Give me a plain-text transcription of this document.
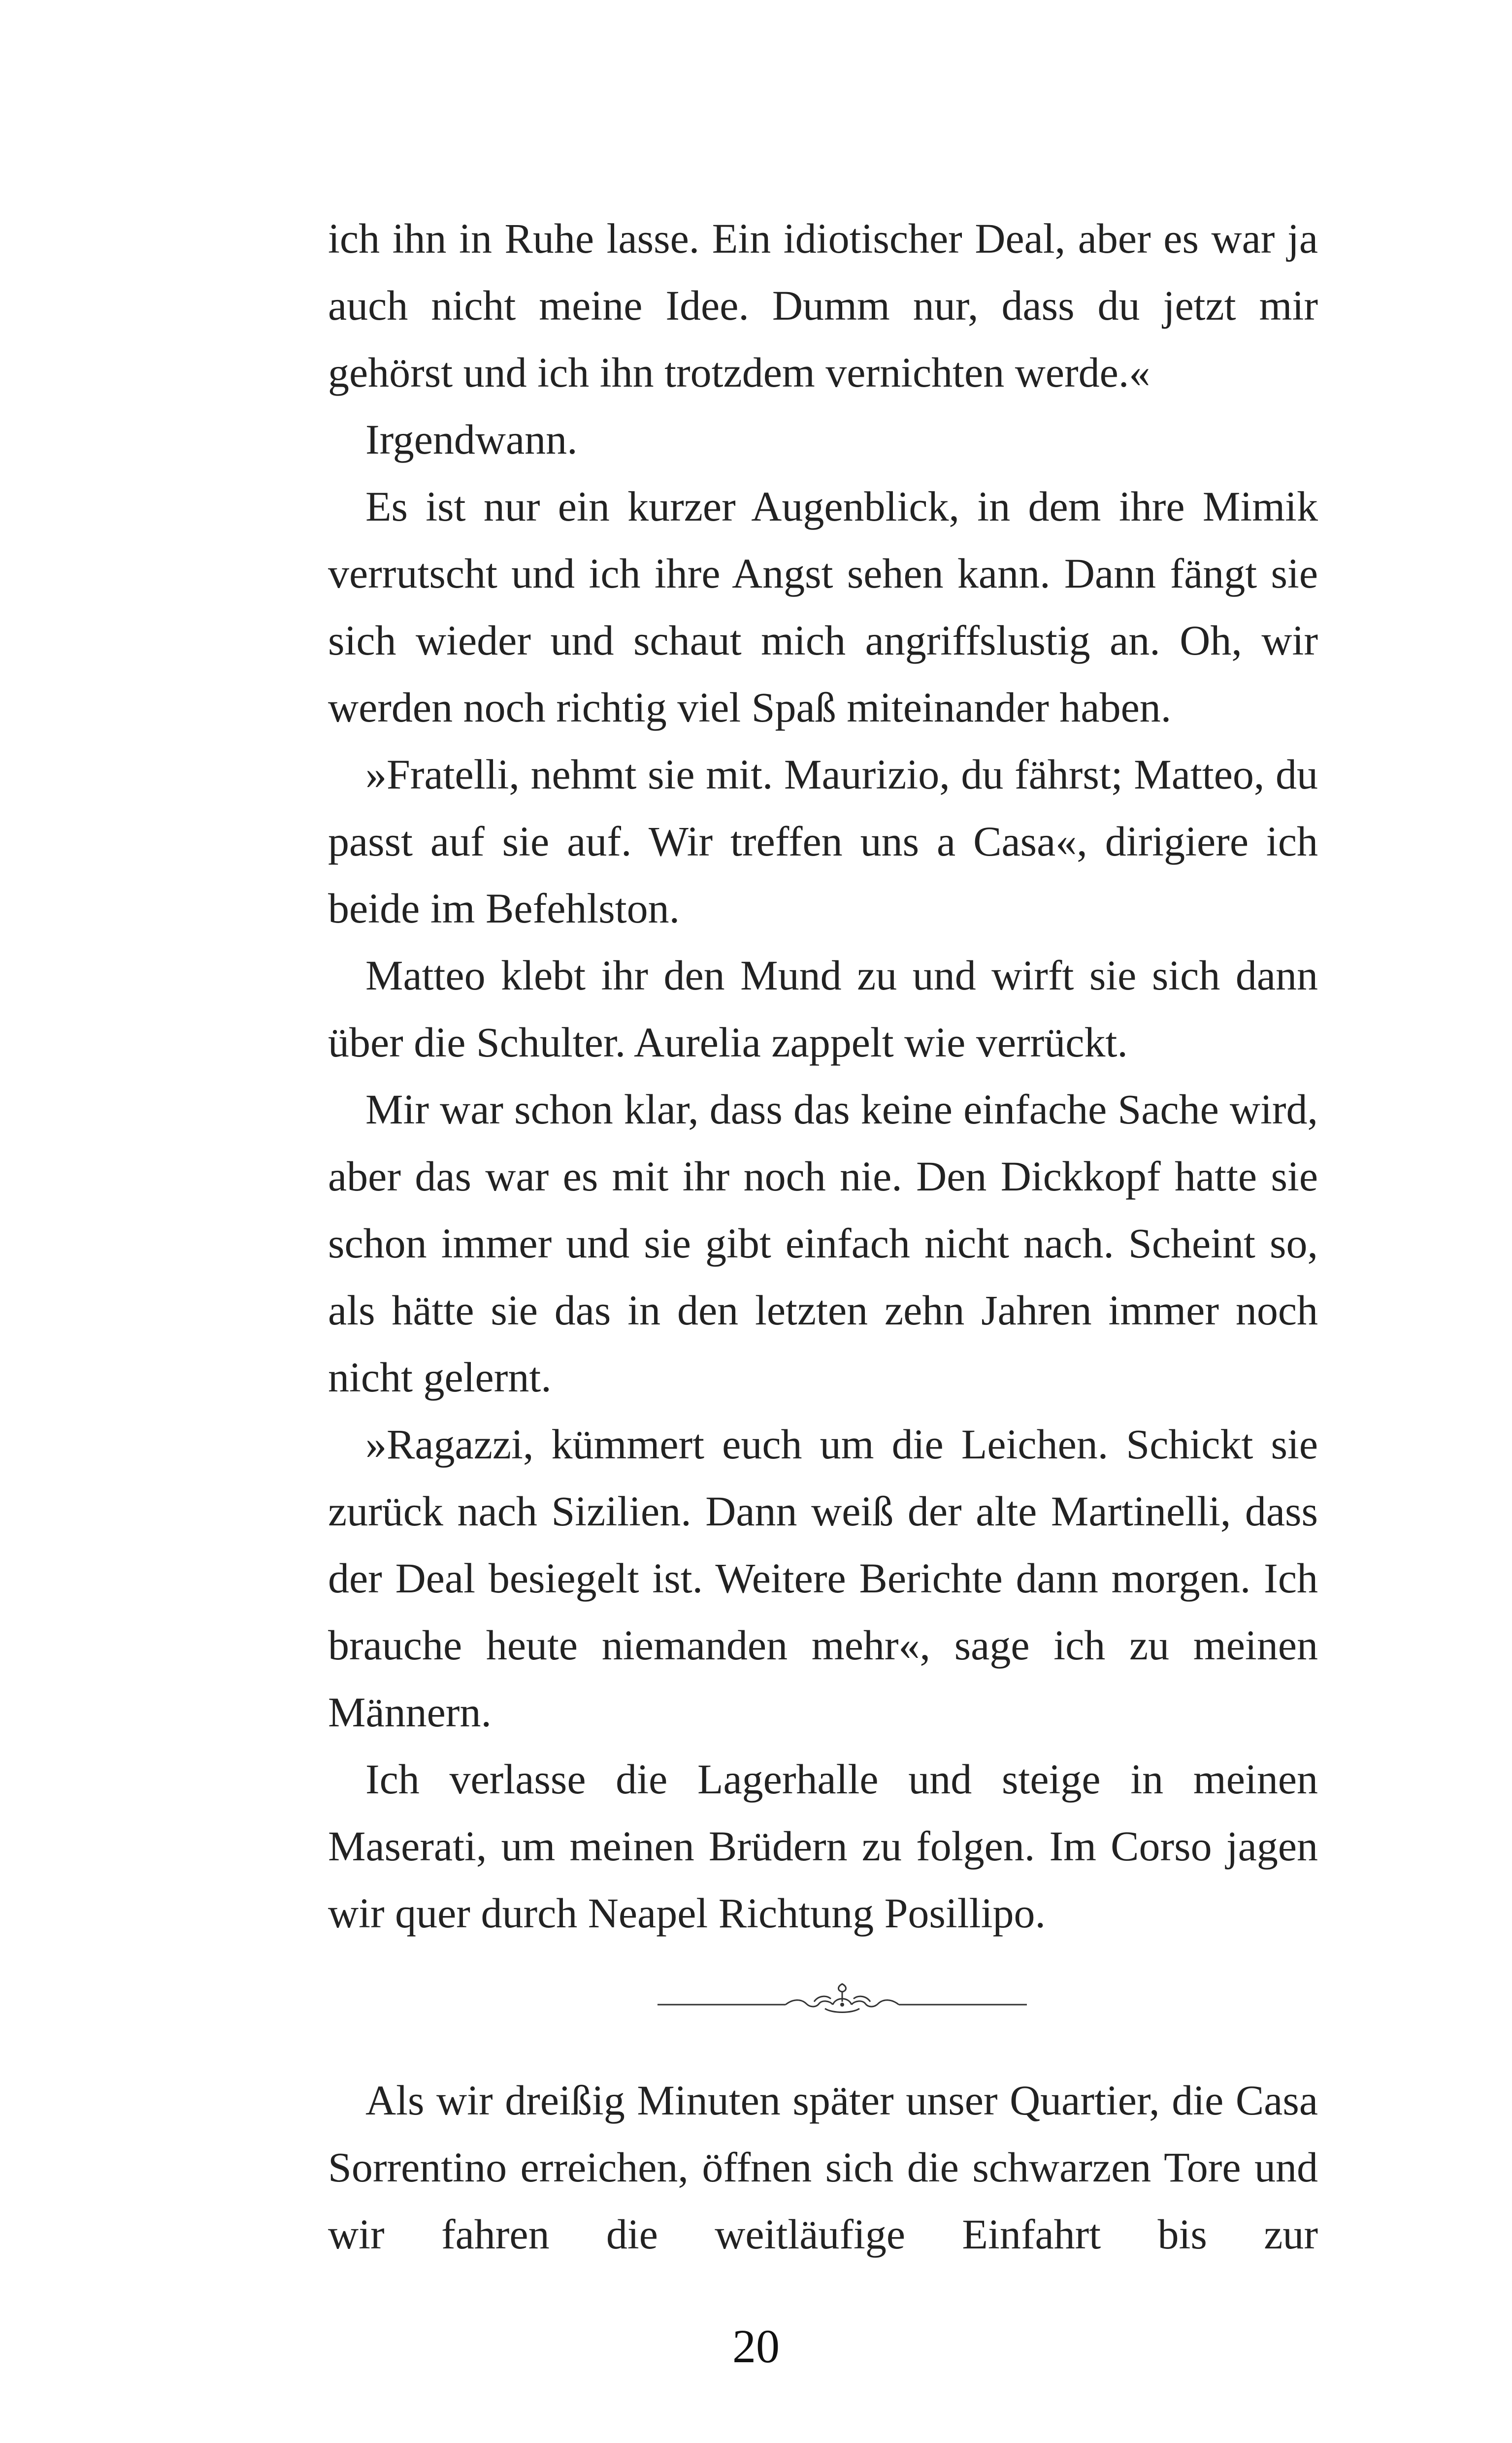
ich ihn in Ruhe lasse. Ein idiotischer Deal, aber es war ja auch nicht meine Idee. Dumm nur, dass du jetzt mir gehörst und ich ihn trotzdem vernichten werde.«

Irgendwann.

Es ist nur ein kurzer Augenblick, in dem ihre Mimik verrutscht und ich ihre Angst sehen kann. Dann fängt sie sich wieder und schaut mich angriffslustig an. Oh, wir werden noch richtig viel Spaß miteinander haben.

»Fratelli, nehmt sie mit. Maurizio, du fährst; Matteo, du passt auf sie auf. Wir treffen uns a Casa«, dirigiere ich beide im Befehlston.

Matteo klebt ihr den Mund zu und wirft sie sich dann über die Schulter. Aurelia zappelt wie verrückt.

Mir war schon klar, dass das keine einfache Sache wird, aber das war es mit ihr noch nie. Den Dickkopf hatte sie schon immer und sie gibt einfach nicht nach. Scheint so, als hätte sie das in den letzten zehn Jahren immer noch nicht gelernt.

»Ragazzi, kümmert euch um die Leichen. Schickt sie zurück nach Sizilien. Dann weiß der alte Martinelli, dass der Deal besiegelt ist. Weitere Berichte dann morgen. Ich brauche heute niemanden mehr«, sage ich zu meinen Männern.

Ich verlasse die Lagerhalle und steige in meinen Maserati, um meinen Brüdern zu folgen. Im Corso jagen wir quer durch Neapel Richtung Posillipo.

Als wir dreißig Minuten später unser Quartier, die Casa Sorrentino erreichen, öffnen sich die schwarzen Tore und wir fahren die weitläufige Einfahrt bis zur

20
